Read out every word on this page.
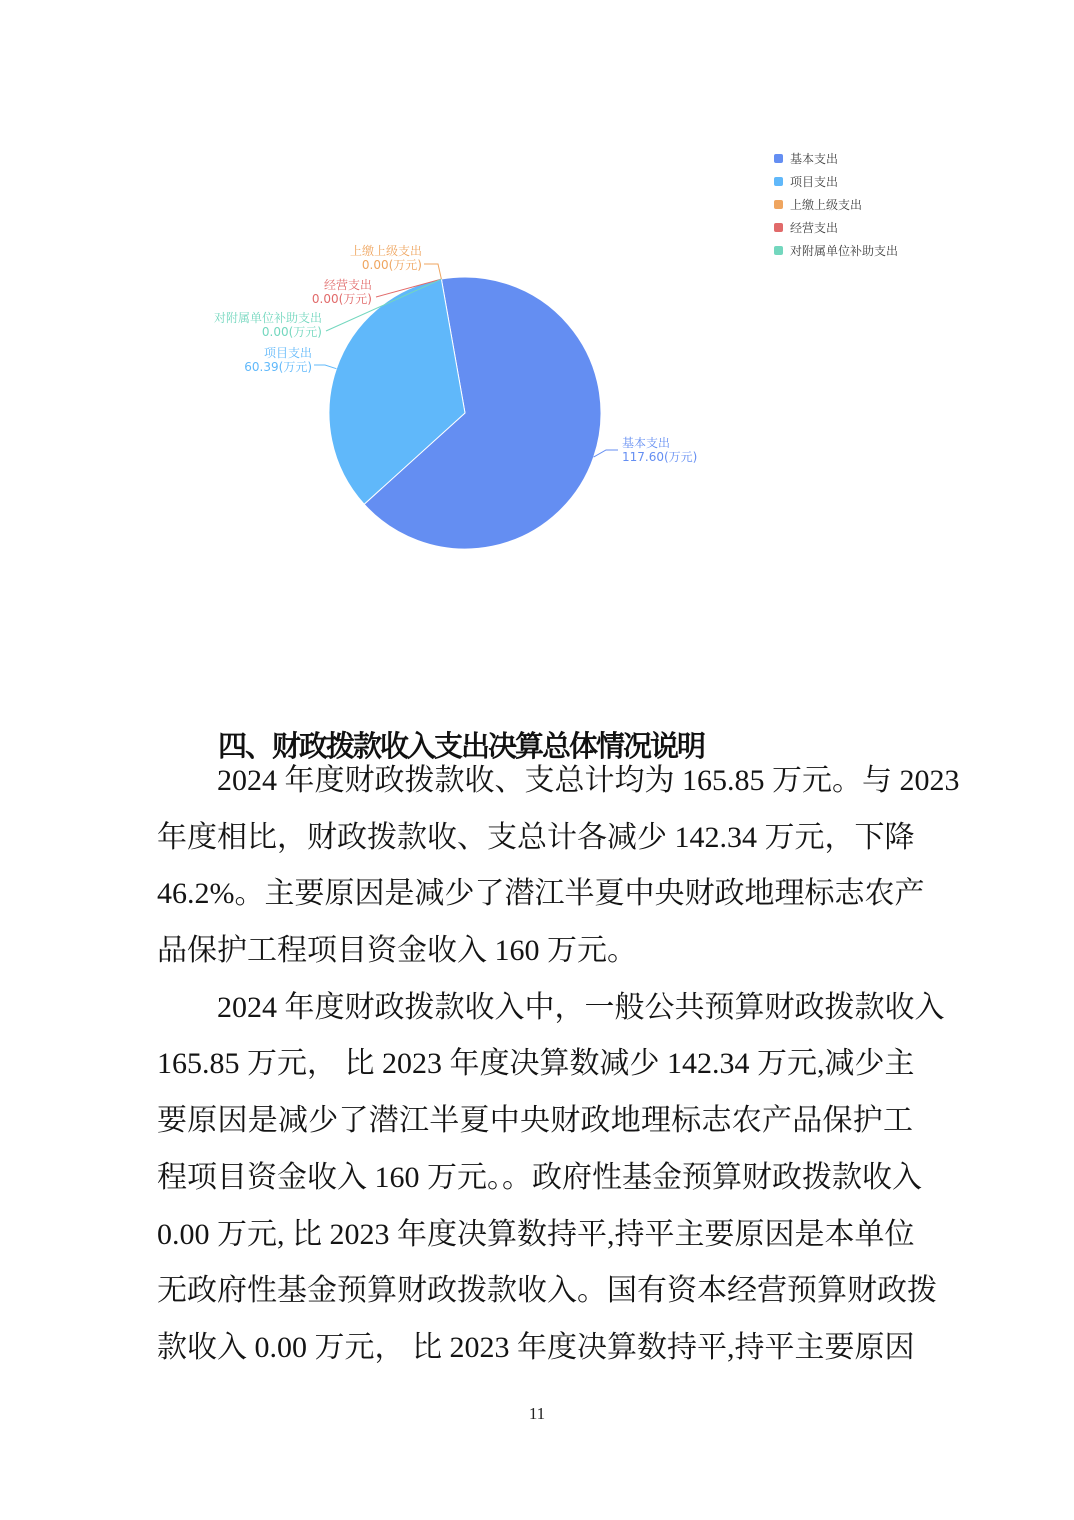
基本支出
项目支出
上缴上级支出
经营支出
对附属单位补助支出
上缴上级支出
0.00(万元)
经营支出
0.00(万元)
对附属单位补助支出
0.00(万元)
项目支出
60.39(万元)
基本支出
117.60(万元)
四、财政拨款收入支出决算总体情况说明
2024 年度财政拨款收、支总计均为 165.85 万元。与 2023
年度相比，财政拨款收、支总计各减少 142.34 万元，下降
46.2%。主要原因是减少了潜江半夏中央财政地理标志农产
品保护工程项目资金收入 160 万元。
2024 年度财政拨款收入中，一般公共预算财政拨款收入
165.85 万元， 比 2023 年度决算数减少 142.34 万元,减少主
要原因是减少了潜江半夏中央财政地理标志农产品保护工
程项目资金收入 160 万元。。政府性基金预算财政拨款收入
0.00 万元, 比 2023 年度决算数持平,持平主要原因是本单位
无政府性基金预算财政拨款收入。国有资本经营预算财政拨
款收入 0.00 万元， 比 2023 年度决算数持平,持平主要原因
11
